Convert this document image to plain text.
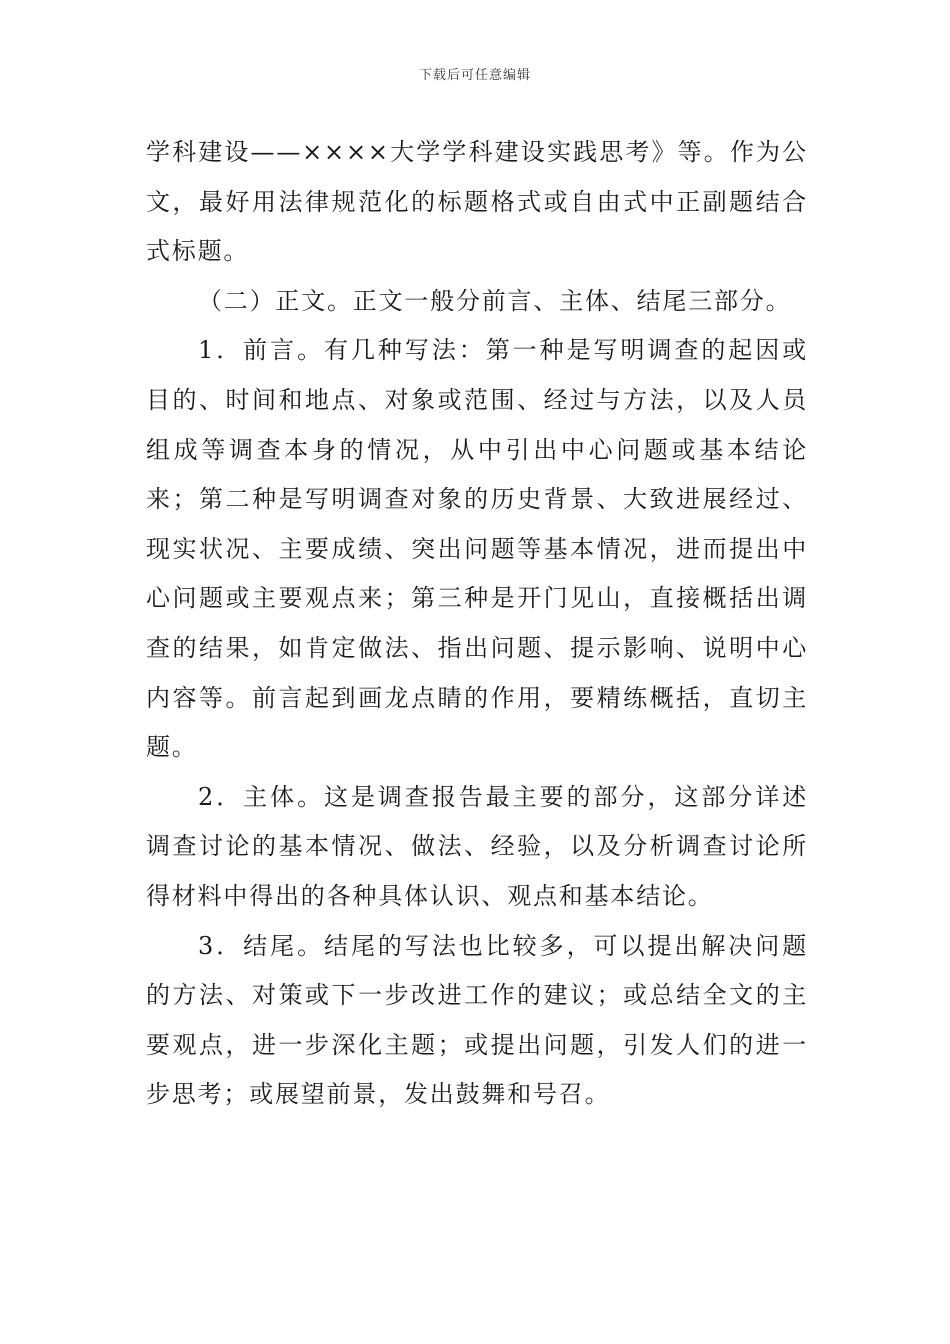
下载后可任意编辑

学科建设——××××大学学科建设实践思考》等。作为公文，最好用法律规范化的标题格式或自由式中正副题结合式标题。

（二）正文。正文一般分前言、主体、结尾三部分。

1．前言。有几种写法：第一种是写明调查的起因或目的、时间和地点、对象或范围、经过与方法，以及人员组成等调查本身的情况，从中引出中心问题或基本结论来；第二种是写明调查对象的历史背景、大致进展经过、现实状况、主要成绩、突出问题等基本情况，进而提出中心问题或主要观点来；第三种是开门见山，直接概括出调查的结果，如肯定做法、指出问题、提示影响、说明中心内容等。前言起到画龙点睛的作用，要精练概括，直切主题。

2．主体。这是调查报告最主要的部分，这部分详述调查讨论的基本情况、做法、经验，以及分析调查讨论所得材料中得出的各种具体认识、观点和基本结论。

3．结尾。结尾的写法也比较多，可以提出解决问题的方法、对策或下一步改进工作的建议；或总结全文的主要观点，进一步深化主题；或提出问题，引发人们的进一步思考；或展望前景，发出鼓舞和号召。
